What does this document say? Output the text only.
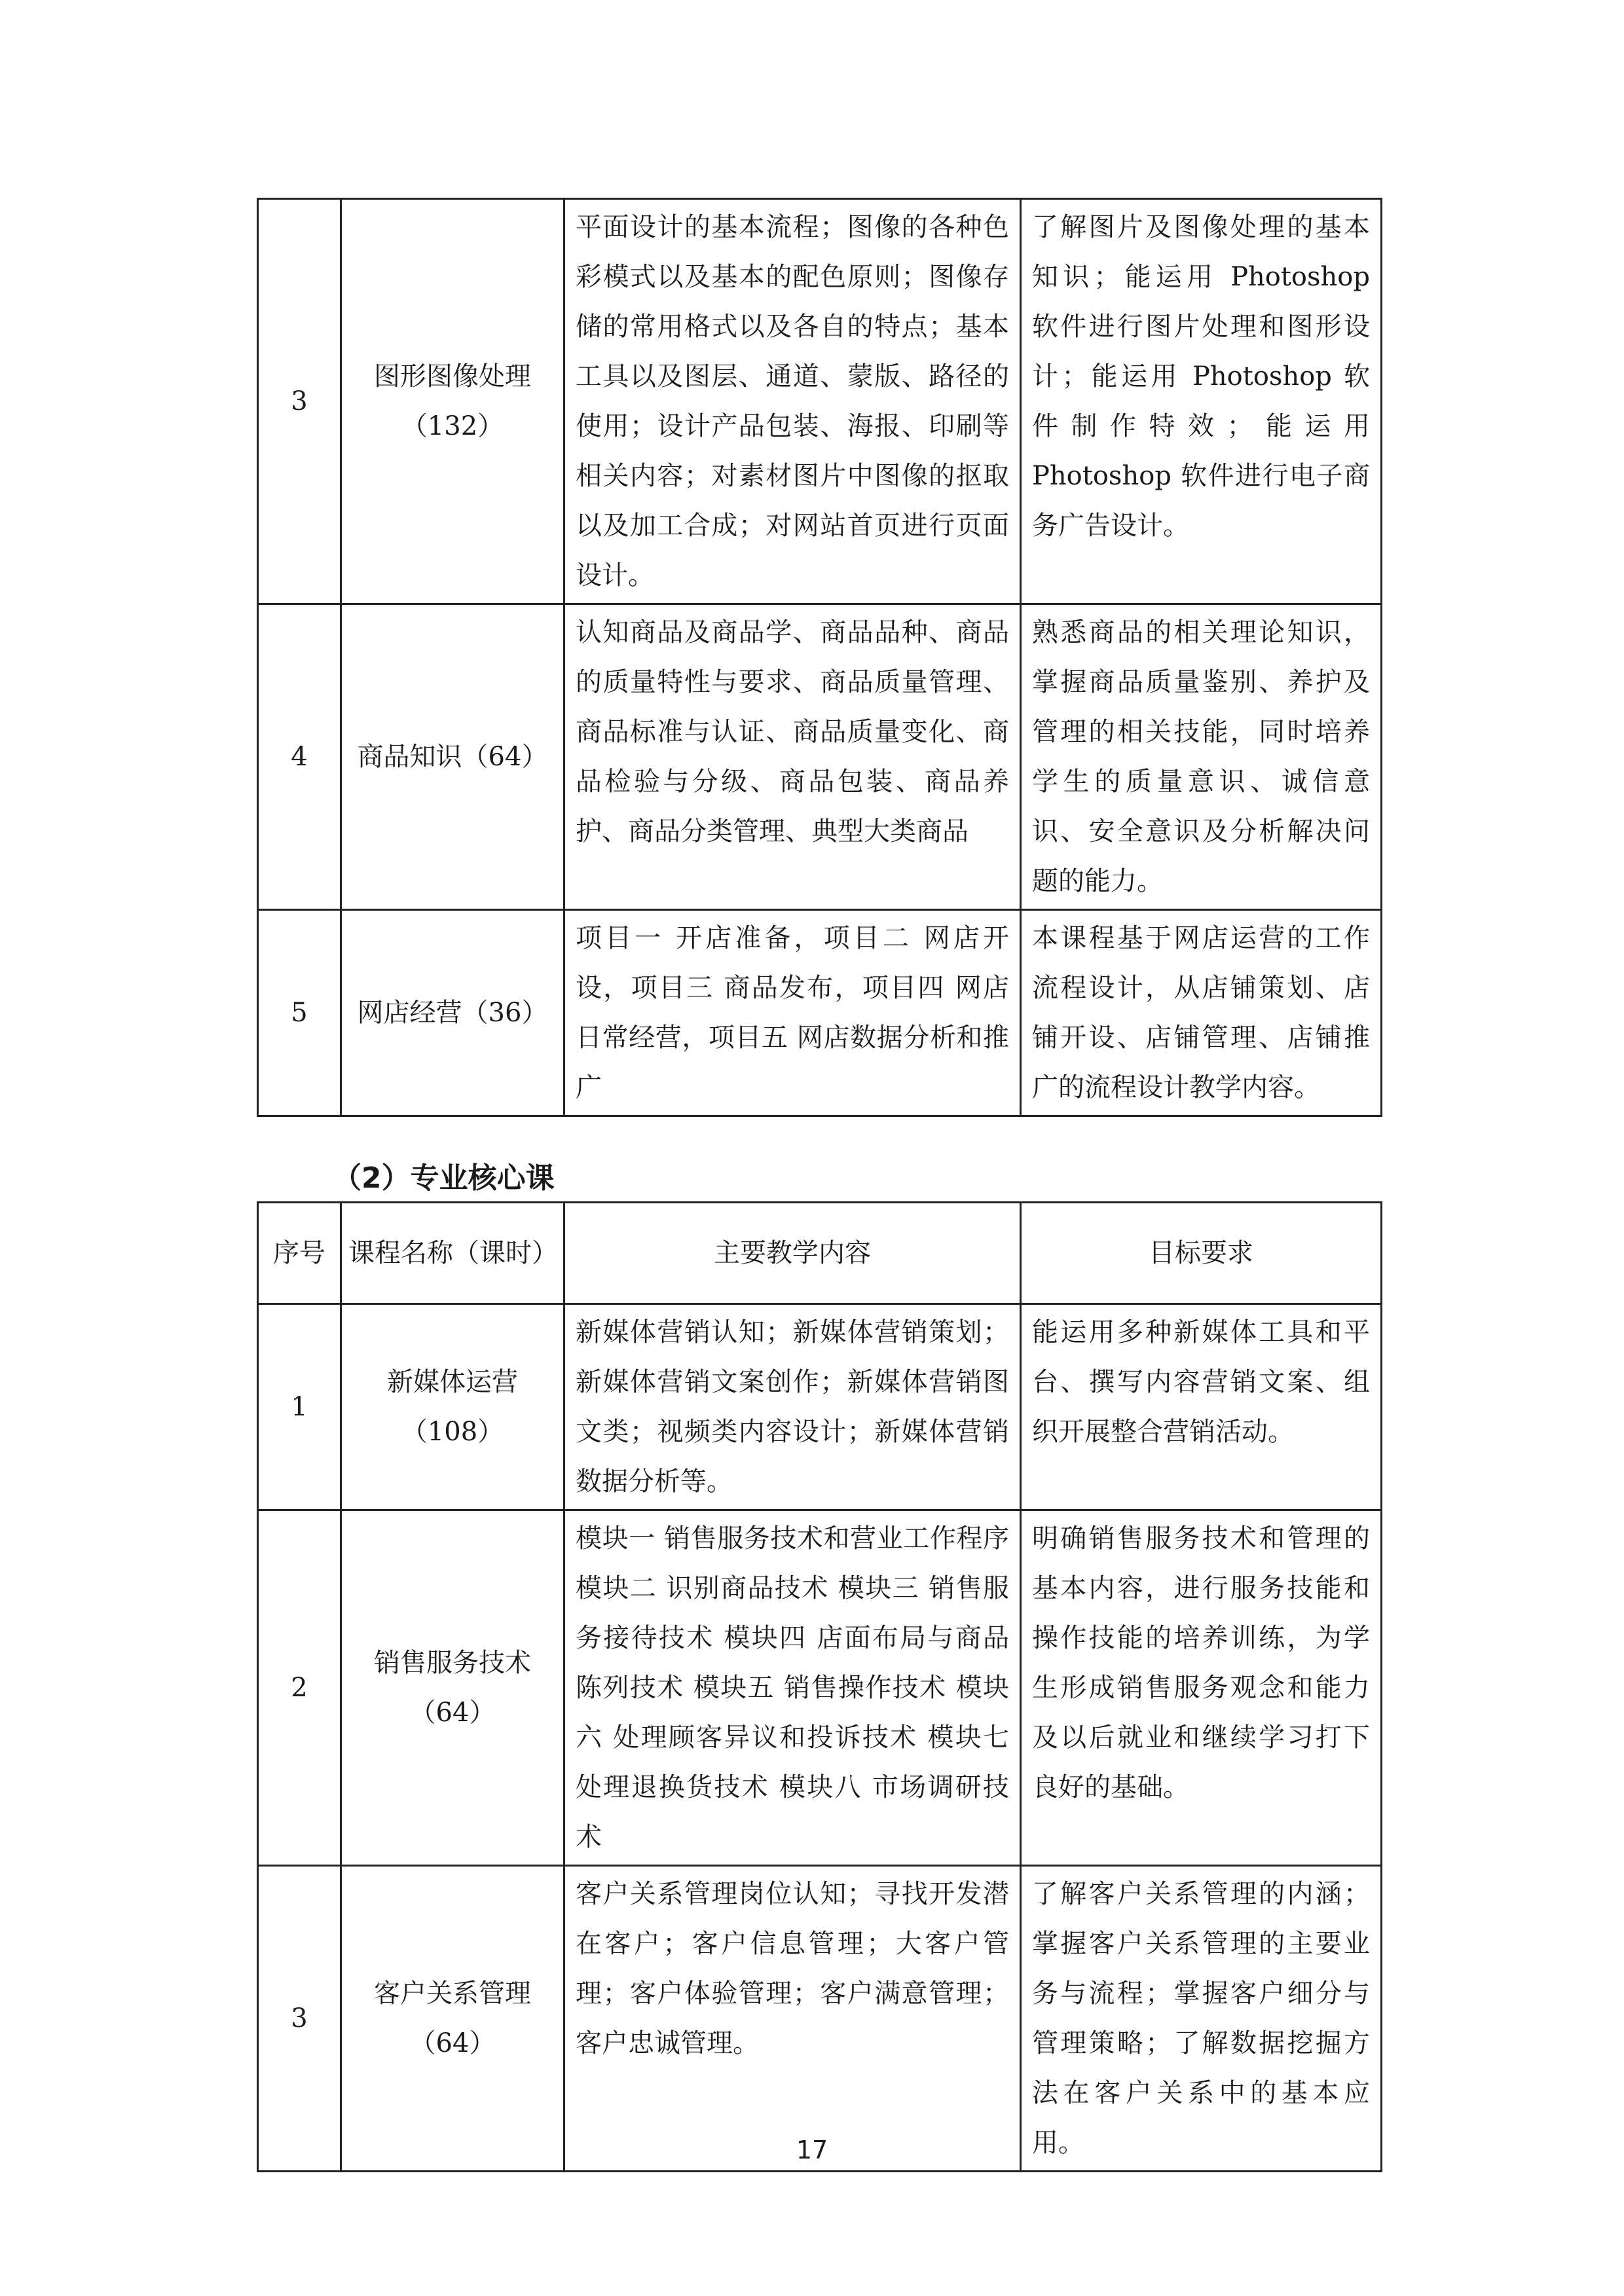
3	图形图像处理（132）	平面设计的基本流程；图像的各种色彩模式以及基本的配色原则；图像存储的常用格式以及各自的特点；基本工具以及图层、通道、蒙版、路径的使用；设计产品包装、海报、印刷等相关内容；对素材图片中图像的抠取以及加工合成；对网站首页进行页面设计。	了解图片及图像处理的基本知识；能运用 Photoshop 软件进行图片处理和图形设计；能运用 Photoshop 软件制作特效；能运用 Photoshop 软件进行电子商务广告设计。
4	商品知识（64）	认知商品及商品学、商品品种、商品的质量特性与要求、商品质量管理、商品标准与认证、商品质量变化、商品检验与分级、商品包装、商品养护、商品分类管理、典型大类商品	熟悉商品的相关理论知识，掌握商品质量鉴别、养护及管理的相关技能，同时培养学生的质量意识、诚信意识、安全意识及分析解决问题的能力。
5	网店经营（36）	项目一 开店准备，项目二 网店开设，项目三 商品发布，项目四 网店日常经营，项目五 网店数据分析和推广	本课程基于网店运营的工作流程设计，从店铺策划、店铺开设、店铺管理、店铺推广的流程设计教学内容。
（2）专业核心课
序号	课程名称（课时）	主要教学内容	目标要求
1	新媒体运营（108）	新媒体营销认知；新媒体营销策划；新媒体营销文案创作；新媒体营销图文类；视频类内容设计；新媒体营销数据分析等。	能运用多种新媒体工具和平台、撰写内容营销文案、组织开展整合营销活动。
2	销售服务技术（64）	模块一 销售服务技术和营业工作程序 模块二 识别商品技术 模块三 销售服务接待技术 模块四 店面布局与商品陈列技术 模块五 销售操作技术 模块六 处理顾客异议和投诉技术 模块七 处理退换货技术 模块八 市场调研技术	明确销售服务技术和管理的基本内容，进行服务技能和操作技能的培养训练，为学生形成销售服务观念和能力及以后就业和继续学习打下良好的基础。
3	客户关系管理（64）	客户关系管理岗位认知；寻找开发潜在客户；客户信息管理；大客户管理；客户体验管理；客户满意管理；客户忠诚管理。	了解客户关系管理的内涵；掌握客户关系管理的主要业务与流程；掌握客户细分与管理策略；了解数据挖掘方法在客户关系中的基本应用。
17
